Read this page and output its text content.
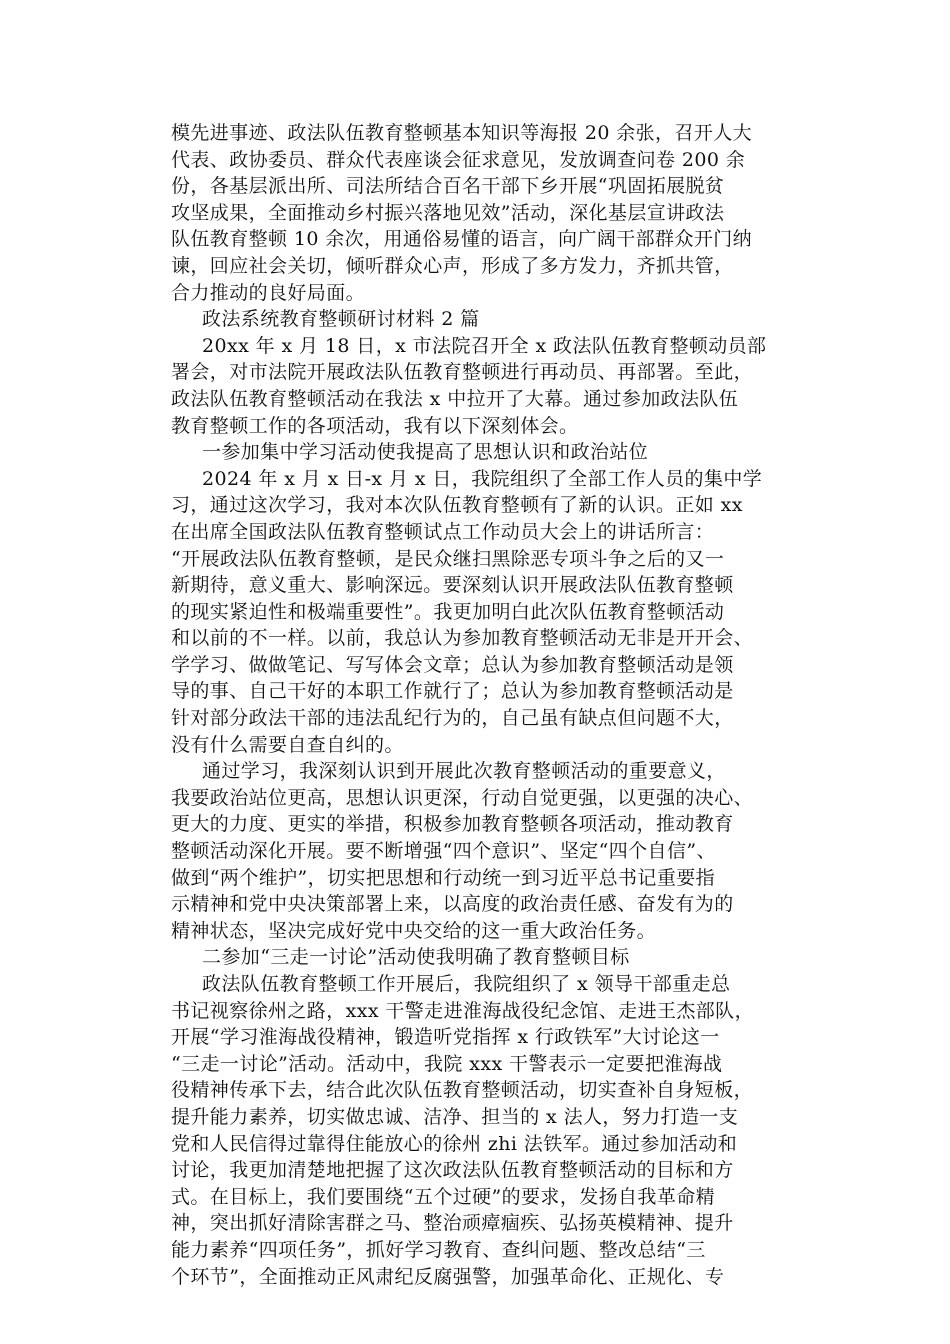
模先进事迹、政法队伍教育整顿基本知识等海报 20 余张，召开人大
代表、政协委员、群众代表座谈会征求意见，发放调查问卷 200 余
份，各基层派出所、司法所结合百名干部下乡开展“巩固拓展脱贫
攻坚成果，全面推动乡村振兴落地见效”活动，深化基层宣讲政法
队伍教育整顿 10 余次，用通俗易懂的语言，向广阔干部群众开门纳
谏，回应社会关切，倾听群众心声，形成了多方发力，齐抓共管，
合力推动的良好局面。

政法系统教育整顿研讨材料 2 篇

20xx 年 x 月 18 日，x 市法院召开全 x 政法队伍教育整顿动员部
署会，对市法院开展政法队伍教育整顿进行再动员、再部署。至此，
政法队伍教育整顿活动在我法 x 中拉开了大幕。通过参加政法队伍
教育整顿工作的各项活动，我有以下深刻体会。

一参加集中学习活动使我提高了思想认识和政治站位

2024 年 x 月 x 日-x 月 x 日，我院组织了全部工作人员的集中学
习，通过这次学习，我对本次队伍教育整顿有了新的认识。正如 xx
在出席全国政法队伍教育整顿试点工作动员大会上的讲话所言：
“开展政法队伍教育整顿，是民众继扫黑除恶专项斗争之后的又一
新期待，意义重大、影响深远。要深刻认识开展政法队伍教育整顿
的现实紧迫性和极端重要性”。我更加明白此次队伍教育整顿活动
和以前的不一样。以前，我总认为参加教育整顿活动无非是开开会、
学学习、做做笔记、写写体会文章；总认为参加教育整顿活动是领
导的事、自己干好的本职工作就行了；总认为参加教育整顿活动是
针对部分政法干部的违法乱纪行为的，自己虽有缺点但问题不大，
没有什么需要自查自纠的。

通过学习，我深刻认识到开展此次教育整顿活动的重要意义，
我要政治站位更高，思想认识更深，行动自觉更强，以更强的决心、
更大的力度、更实的举措，积极参加教育整顿各项活动，推动教育
整顿活动深化开展。要不断增强“四个意识”、坚定“四个自信”、
做到“两个维护”，切实把思想和行动统一到习近平总书记重要指
示精神和党中央决策部署上来，以高度的政治责任感、奋发有为的
精神状态，坚决完成好党中央交给的这一重大政治任务。

二参加“三走一讨论”活动使我明确了教育整顿目标

政法队伍教育整顿工作开展后，我院组织了 x 领导干部重走总
书记视察徐州之路，xxx 干警走进淮海战役纪念馆、走进王杰部队，
开展“学习淮海战役精神，锻造听党指挥 x 行政铁军”大讨论这一
“三走一讨论”活动。活动中，我院 xxx 干警表示一定要把淮海战
役精神传承下去，结合此次队伍教育整顿活动，切实查补自身短板，
提升能力素养，切实做忠诚、洁净、担当的 x 法人，努力打造一支
党和人民信得过靠得住能放心的徐州 zhi 法铁军。通过参加活动和
讨论，我更加清楚地把握了这次政法队伍教育整顿活动的目标和方
式。在目标上，我们要围绕“五个过硬”的要求，发扬自我革命精
神，突出抓好清除害群之马、整治顽瘴痼疾、弘扬英模精神、提升
能力素养“四项任务”，抓好学习教育、查纠问题、整改总结“三
个环节”，全面推动正风肃纪反腐强警，加强革命化、正规化、专
